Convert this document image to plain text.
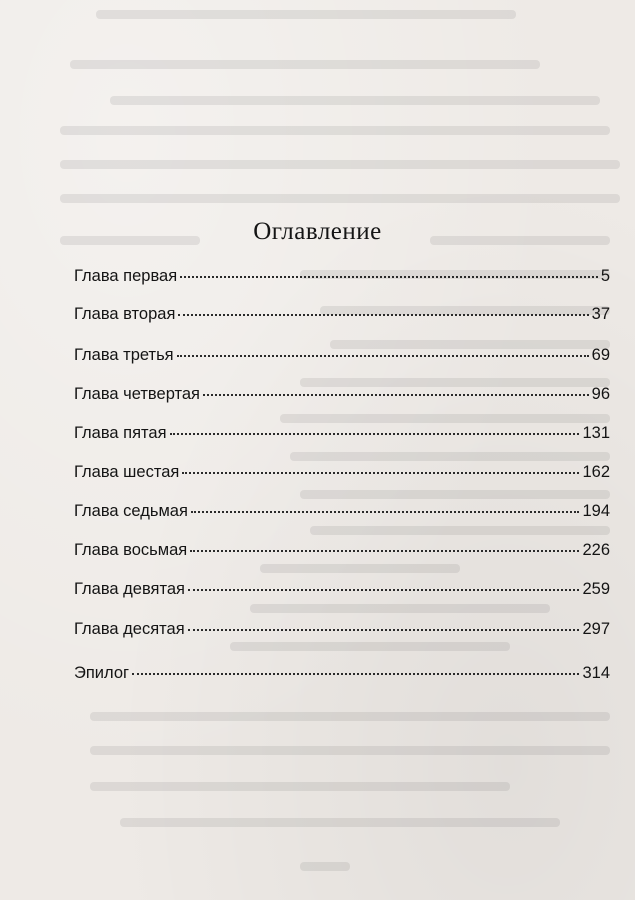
Оглавление
Глава первая	5
Глава вторая	37
Глава третья	69
Глава четвертая	96
Глава пятая	131
Глава шестая	162
Глава седьмая	194
Глава восьмая	226
Глава девятая	259
Глава десятая	297
Эпилог	314
